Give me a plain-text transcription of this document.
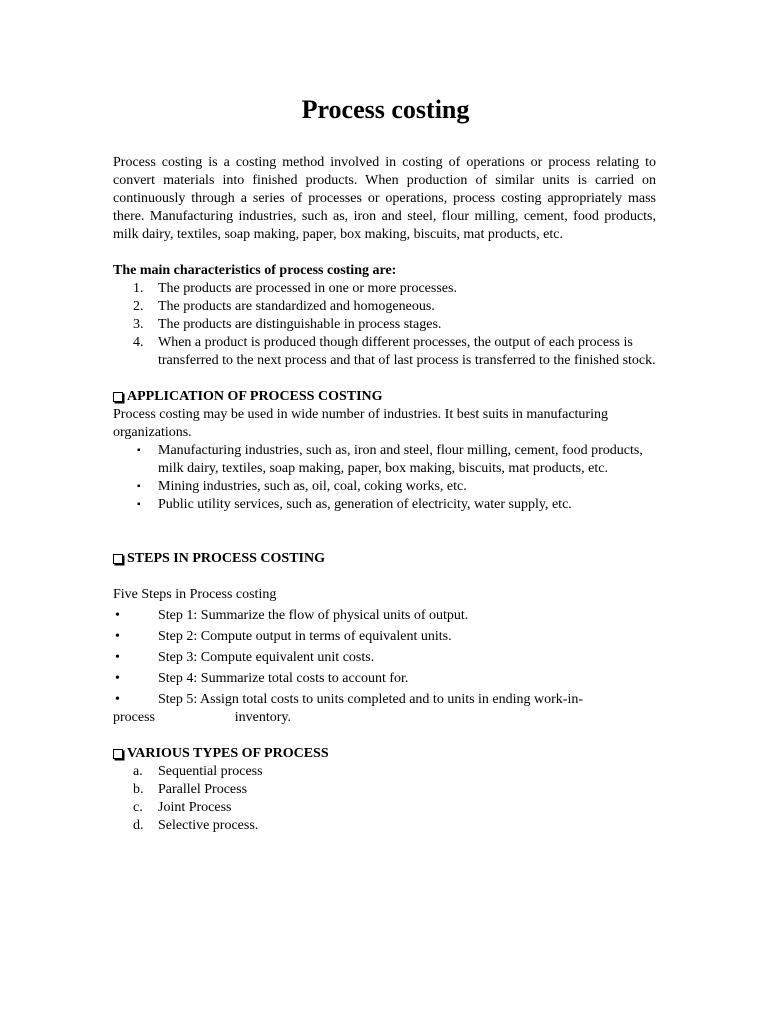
Process costing

Process costing is a costing method involved in costing of operations or process relating to convert materials into finished products. When production of similar units is carried on continuously through a series of processes or operations, process costing appropriately mass there. Manufacturing industries, such as, iron and steel, flour milling, cement, food products, milk dairy, textiles, soap making, paper, box making, biscuits, mat products, etc.

The main characteristics of process costing are:

1. The products are processed in one or more processes.
2. The products are standardized and homogeneous.
3. The products are distinguishable in process stages.
4. When a product is produced though different processes, the output of each process is transferred to the next process and that of last process is transferred to the finished stock.
APPLICATION OF PROCESS COSTING

Process costing may be used in wide number of industries. It best suits in manufacturing organizations.

▪ Manufacturing industries, such as, iron and steel, flour milling, cement, food products, milk dairy, textiles, soap making, paper, box making, biscuits, mat products, etc.
▪ Mining industries, such as, oil, coal, coking works, etc.
▪ Public utility services, such as, generation of electricity, water supply, etc.
STEPS IN PROCESS COSTING

Five Steps in Process costing

•	Step 1: Summarize the flow of physical units of output.
•	Step 2: Compute output in terms of equivalent units.
•	Step 3: Compute equivalent unit costs.
•	Step 4: Summarize total costs to account for.
•	Step 5: Assign total costs to units completed and to units in ending work-in-
process	inventory.
VARIOUS TYPES OF PROCESS
a. Sequential process
b. Parallel Process
c. Joint Process
d. Selective process.
